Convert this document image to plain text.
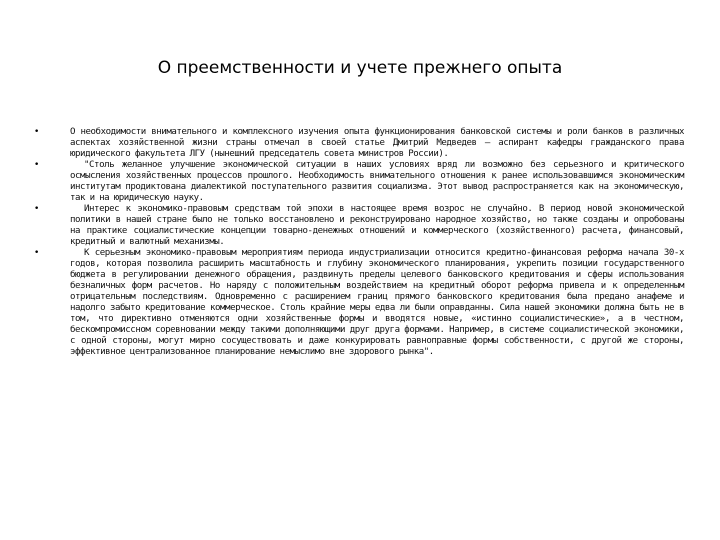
О преемственности и учете прежнего опыта
•	О необходимости внимательного и комплексного изучения опыта функционирования банковской системы и роли банков в различных аспектах хозяйственной жизни страны отмечал в своей статье Дмитрий Медведев — аспирант кафедры гражданского права юридического факультета ЛГУ (нынешний председатель совета министров России).
•	"Столь желанное улучшение экономической ситуации в наших условиях вряд ли возможно без серьезного и критического осмысления хозяйственных процессов прошлого. Необходимость внимательного отношения к ранее использовавшимся экономическим институтам продиктована диалектикой поступательного развития социализма. Этот вывод распространяется как на экономическую, так и на юридическую науку.
•	Интерес к экономико-правовым средствам той эпохи в настоящее время возрос не случайно. В период новой экономической политики в нашей стране было не только восстановлено и реконструировано народное хозяйство, но также созданы и опробованы на практике социалистические концепции товарно-денежных отношений и коммерческого (хозяйственного) расчета, финансовый, кредитный и валютный механизмы.
•	К серьезным экономико-правовым мероприятиям периода индустриализации относится кредитно-финансовая реформа начала 30-х годов, которая позволила расширить масштабность и глубину экономического планирования, укрепить позиции государственного бюджета в регулировании денежного обращения, раздвинуть пределы целевого банковского кредитования и сферы использования безналичных форм расчетов. Но наряду с положительным воздействием на кредитный оборот реформа привела и к определенным отрицательным последствиям. Одновременно с расширением границ прямого банковского кредитования была предано анафеме и надолго забыто кредитование коммерческое. Столь крайние меры едва ли были оправданны. Сила нашей экономики должна быть не в том, что директивно отменяются одни хозяйственные формы и вводятся новые, «истинно социалистические», а в честном, бескомпромиссном соревновании между такими дополняющими друг друга формами. Например, в системе социалистической экономики, с одной стороны, могут мирно сосуществовать и даже конкурировать равноправные формы собственности, с другой же стороны, эффективное централизованное планирование немыслимо вне здорового рынка".
